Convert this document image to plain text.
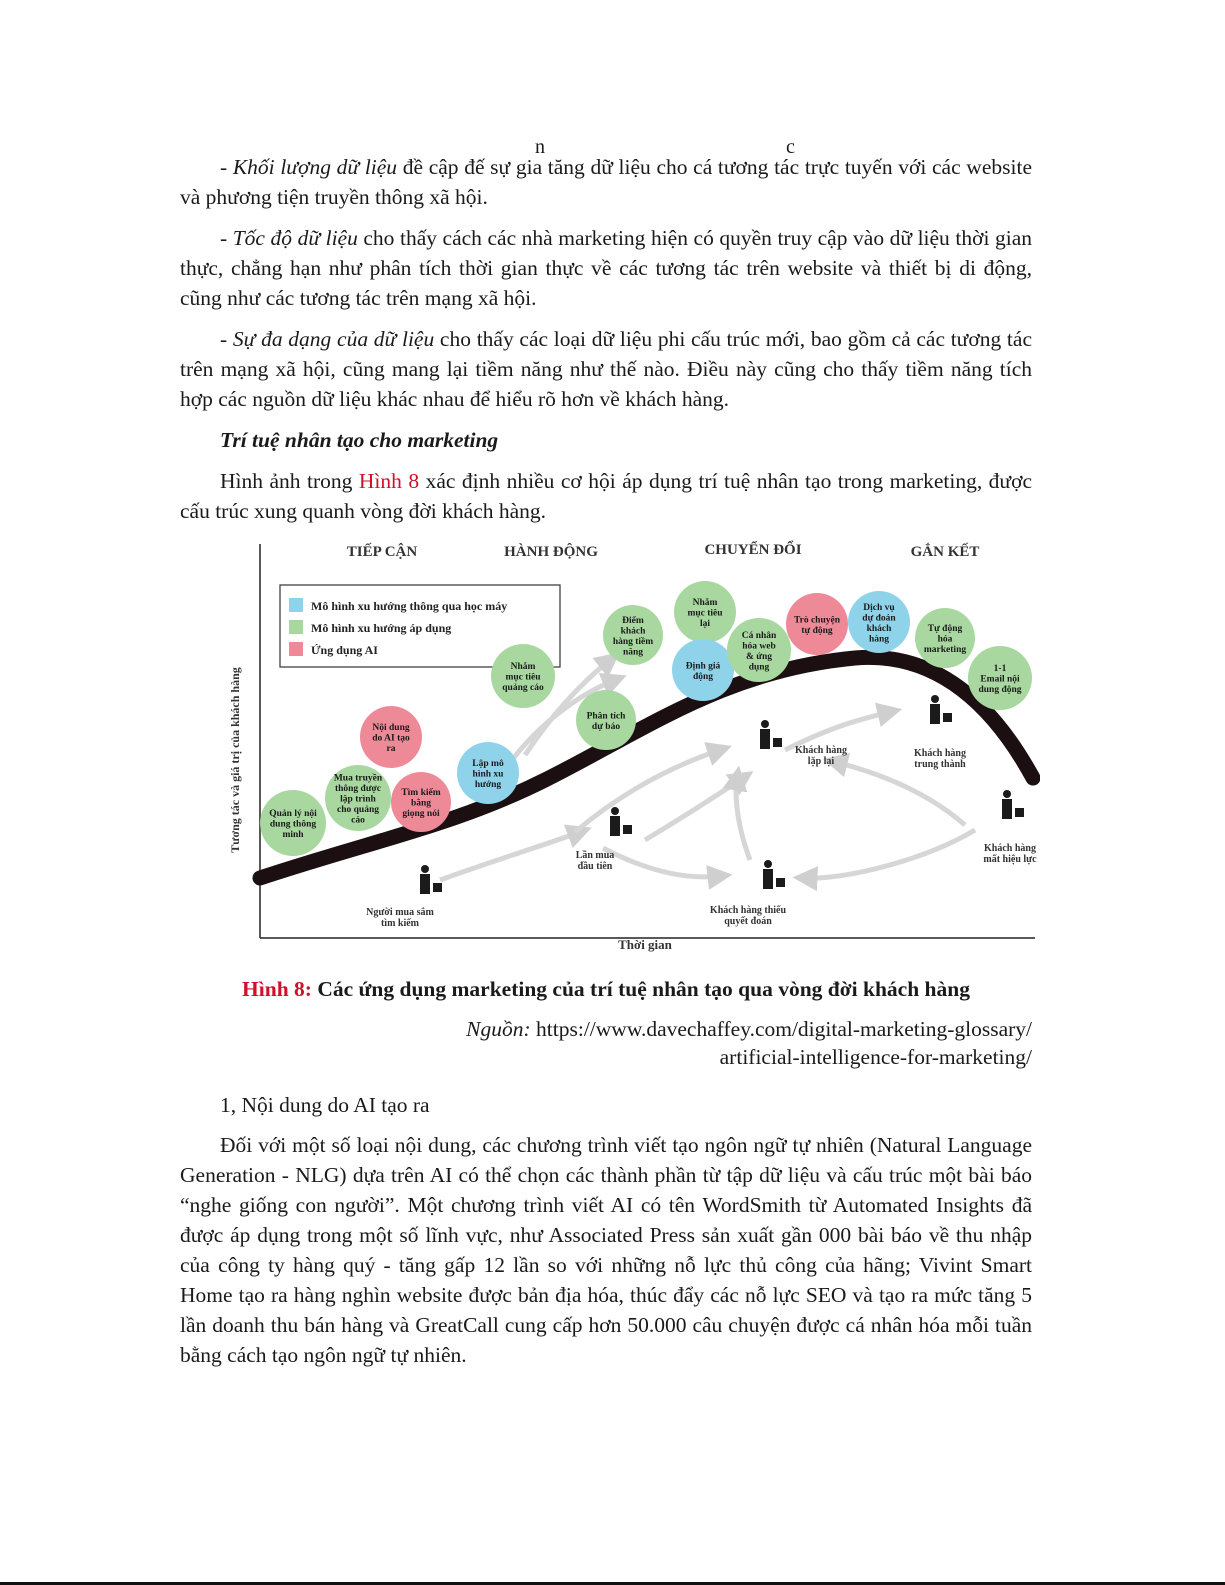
n	c

- Khối lượng dữ liệu đề cập đế sự gia tăng dữ liệu cho cá tương tác trực tuyến với các website và phương tiện truyền thông xã hội.

- Tốc độ dữ liệu cho thấy cách các nhà marketing hiện có quyền truy cập vào dữ liệu thời gian thực, chẳng hạn như phân tích thời gian thực về các tương tác trên website và thiết bị di động, cũng như các tương tác trên mạng xã hội.

- Sự đa dạng của dữ liệu cho thấy các loại dữ liệu phi cấu trúc mới, bao gồm cả các tương tác trên mạng xã hội, cũng mang lại tiềm năng như thế nào. Điều này cũng cho thấy tiềm năng tích hợp các nguồn dữ liệu khác nhau để hiểu rõ hơn về khách hàng.

Trí tuệ nhân tạo cho marketing

Hình ảnh trong Hình 8 xác định nhiều cơ hội áp dụng trí tuệ nhân tạo trong marketing, được cấu trúc xung quanh vòng đời khách hàng.

Tương tác và giá trị của khách hàng
Thời gian
TIẾP CẬN	HÀNH ĐỘNG	CHUYỂN ĐỔI	GẮN KẾT
Mô hình xu hướng thông qua học máy
Mô hình xu hướng áp dụng
Ứng dụng AI
Quản lý nội
dung thông
minh
Mua truyền
thông được
lập trình
cho quảng
cáo
Nội dung
do AI tạo
ra
Tìm kiếm
bằng
giọng nói
Lập mô
hình xu
hướng
Nhắm
mục tiêu
quảng cáo
Phân tích
dự báo
Điểm
khách
hàng tiềm
năng
Nhắm
mục tiêu
lại
Định giá
động
Cá nhân
hóa web
& ứng
dụng
Trò chuyện
tự động
Dịch vụ
dự đoán
khách
hàng
Tự động
hóa
marketing
1-1
Email nội
dung động
Người mua sắm
tìm kiếm
Lần mua
đầu tiên
Khách hàng thiếu
quyết đoán
Khách hàng
lặp lại
Khách hàng
trung thành
Khách hàng
mất hiệu lực
Hình 8: Các ứng dụng marketing của trí tuệ nhân tạo qua vòng đời khách hàng
Nguồn: https://www.davechaffey.com/digital-marketing-glossary/
artificial-intelligence-for-marketing/

1, Nội dung do AI tạo ra

Đối với một số loại nội dung, các chương trình viết tạo ngôn ngữ tự nhiên (Natural Language Generation - NLG) dựa trên AI có thể chọn các thành phần từ tập dữ liệu và cấu trúc một bài báo “nghe giống con người”. Một chương trình viết AI có tên WordSmith từ Automated Insights đã được áp dụng trong một số lĩnh vực, như Associated Press sản xuất gần 000 bài báo về thu nhập của công ty hàng quý - tăng gấp 12 lần so với những nỗ lực thủ công của hãng; Vivint Smart Home tạo ra hàng nghìn website được bản địa hóa, thúc đẩy các nỗ lực SEO và tạo ra mức tăng 5 lần doanh thu bán hàng và GreatCall cung cấp hơn 50.000 câu chuyện được cá nhân hóa mỗi tuần bằng cách tạo ngôn ngữ tự nhiên.
